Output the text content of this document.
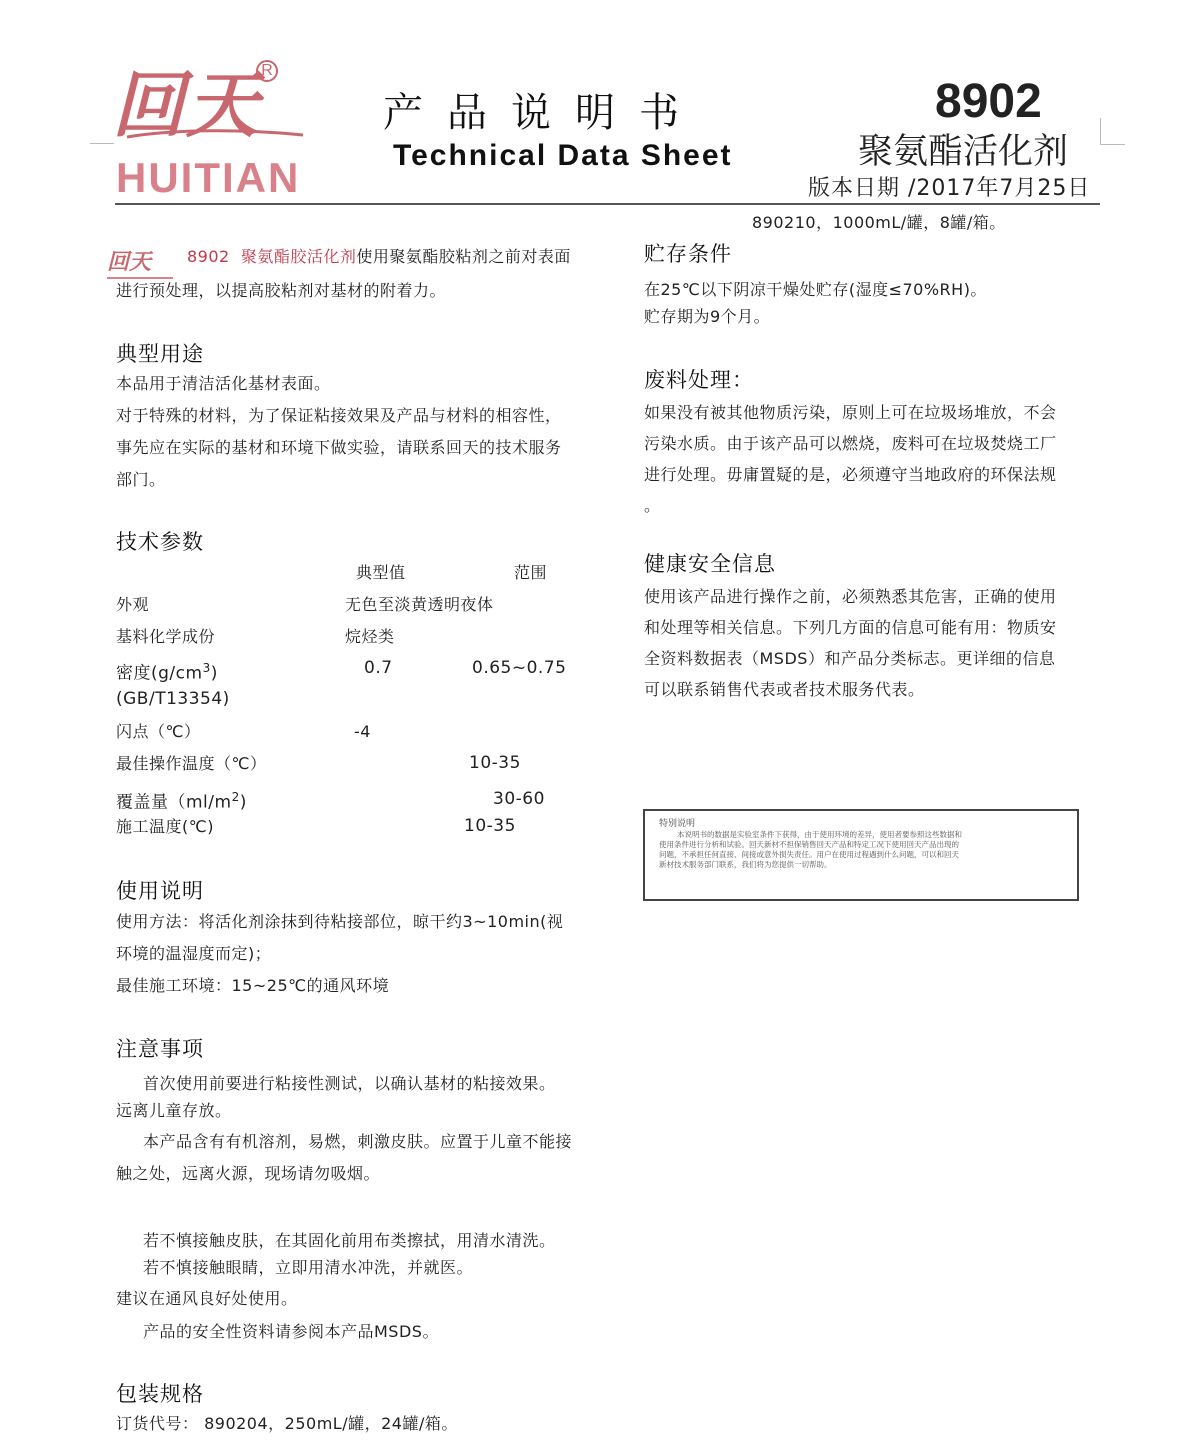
回天 R
HUITIAN
产品说明书
Technical Data Sheet
8902
聚氨酯活化剂
版本日期 /2017年7月25日
890210，1000mL/罐，8罐/箱。
回天	8902 聚氨酯胶活化剂使用聚氨酯胶粘剂之前对表面
进行预处理，以提高胶粘剂对基材的附着力。
典型用途
本品用于清洁活化基材表面。
对于特殊的材料，为了保证粘接效果及产品与材料的相容性，
事先应在实际的基材和环境下做实验，请联系回天的技术服务
部门。
技术参数
典型值	范围
外观	无色至淡黄透明夜体
基料化学成份	烷烃类
密度$(g/cm^3)$	0.7	0.65~0.75
(GB/T13354)
闪点（℃）	-4
最佳操作温度（℃）	10-35
覆盖量$(ml/m^2)$	30-60
施工温度(℃)	10-35
使用说明
使用方法：将活化剂涂抹到待粘接部位，晾干约3~10min(视
环境的温湿度而定)；
最佳施工环境：15~25℃的通风环境
注意事项
首次使用前要进行粘接性测试，以确认基材的粘接效果。
远离儿童存放。
本产品含有有机溶剂，易燃，刺激皮肤。应置于儿童不能接
触之处，远离火源，现场请勿吸烟。
若不慎接触皮肤，在其固化前用布类擦拭，用清水清洗。
若不慎接触眼睛，立即用清水冲洗，并就医。
建议在通风良好处使用。
产品的安全性资料请参阅本产品MSDS。
包装规格
订货代号： 890204，250mL/罐，24罐/箱。
贮存条件
在25℃以下阴凉干燥处贮存(湿度≤70%RH)。
贮存期为9个月。
废料处理：
如果没有被其他物质污染，原则上可在垃圾场堆放，不会
污染水质。由于该产品可以燃烧，废料可在垃圾焚烧工厂
进行处理。毋庸置疑的是，必须遵守当地政府的环保法规
。
健康安全信息
使用该产品进行操作之前，必须熟悉其危害，正确的使用
和处理等相关信息。下列几方面的信息可能有用：物质安
全资料数据表（MSDS）和产品分类标志。更详细的信息
可以联系销售代表或者技术服务代表。
特别说明
本说明书的数据是实验室条件下获得，由于使用环境的差异，使用者要参照这些数据和
使用条件进行分析和试验。回天新材不担保销售回天产品和特定工况下使用回天产品出现的
问题，不承担任何直接、间接或意外损失责任。用户在使用过程遇到什么问题，可以和回天
新材技术服务部门联系，我们将为您提供一切帮助。
